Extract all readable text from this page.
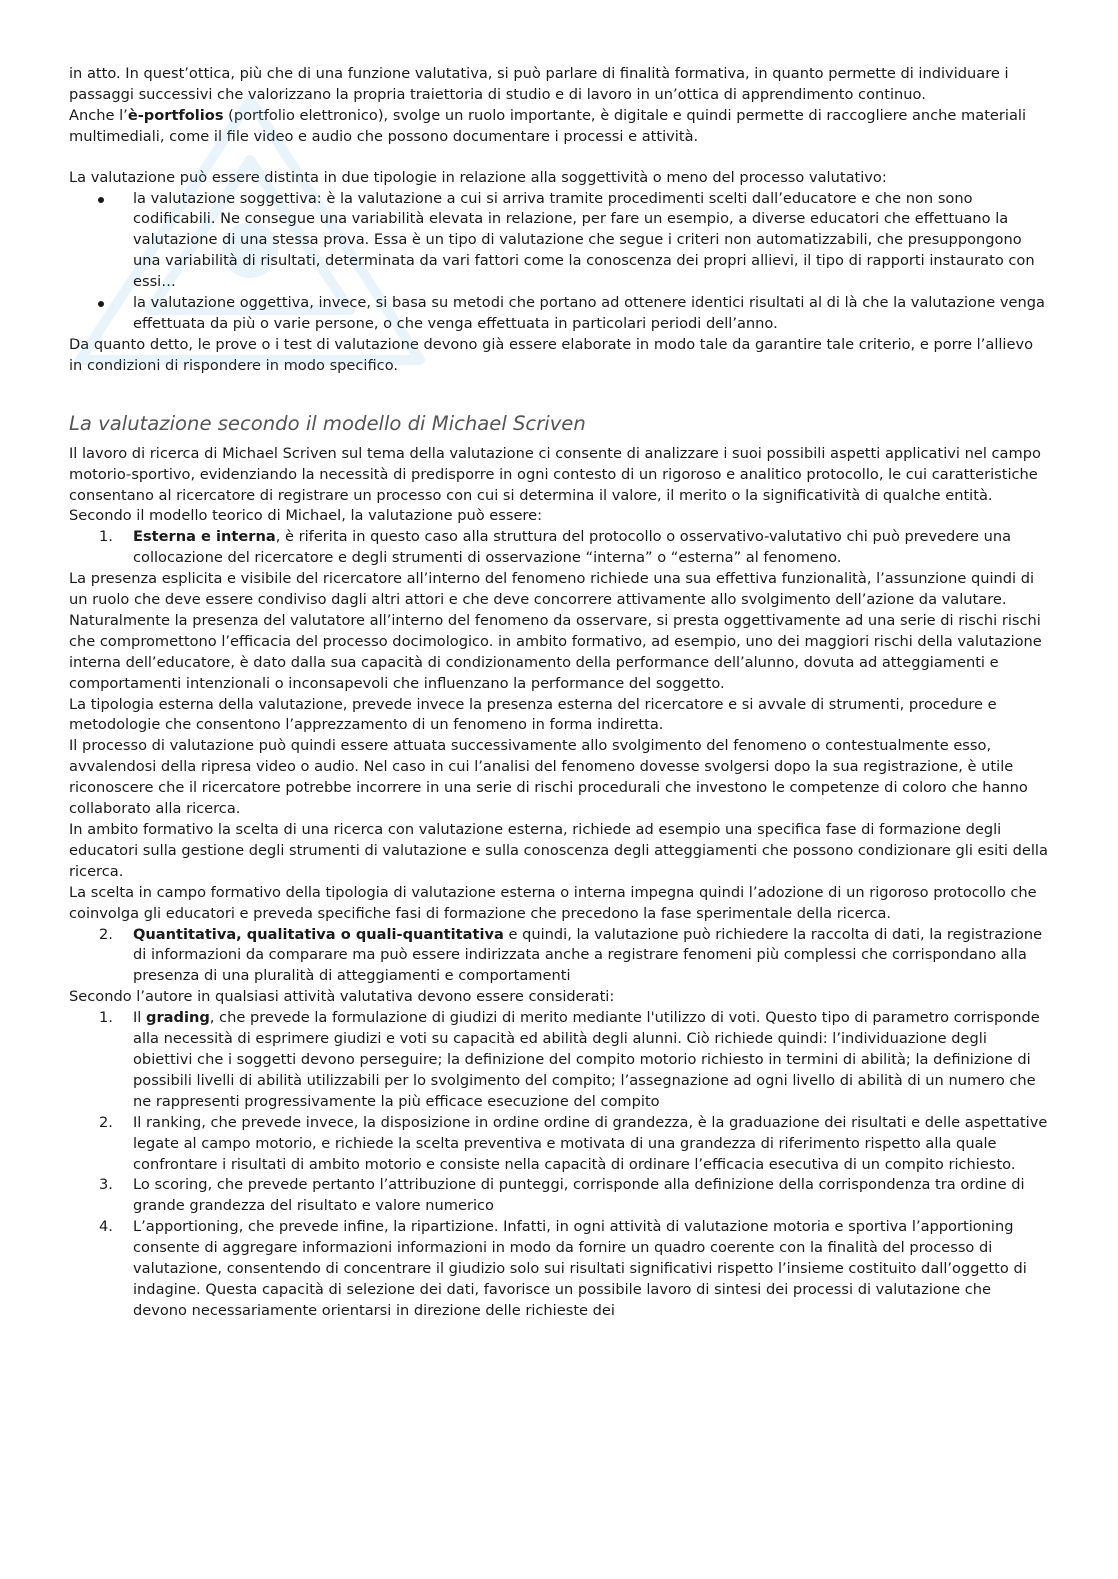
in atto. In quest’ottica, più che di una funzione valutativa, si può parlare di finalità formativa, in quanto permette di individuare i passaggi successivi che valorizzano la propria traiettoria di studio e di lavoro in un’ottica di apprendimento continuo.

Anche l’è-portfolios (portfolio elettronico), svolge un ruolo importante, è digitale e quindi permette di raccogliere anche materiali multimediali, come il file video e audio che possono documentare i processi e attività.

La valutazione può essere distinta in due tipologie in relazione alla soggettività o meno del processo valutativo:

la valutazione soggettiva: è la valutazione a cui si arriva tramite procedimenti scelti dall’educatore e che non sono codificabili. Ne consegue una variabilità elevata in relazione, per fare un esempio, a diverse educatori che effettuano la valutazione di una stessa prova. Essa è un tipo di valutazione che segue i criteri non automatizzabili, che presuppongono una variabilità di risultati, determinata da vari fattori come la conoscenza dei propri allievi, il tipo di rapporti instaurato con essi…
la valutazione oggettiva, invece, si basa su metodi che portano ad ottenere identici risultati al di là che la valutazione venga effettuata da più o varie persone, o che venga effettuata in particolari periodi dell’anno.

Da quanto detto, le prove o i test di valutazione devono già essere elaborate in modo tale da garantire tale criterio, e porre l’allievo in condizioni di rispondere in modo specifico.

La valutazione secondo il modello di Michael Scriven

Il lavoro di ricerca di Michael Scriven sul tema della valutazione ci consente di analizzare i suoi possibili aspetti applicativi nel campo motorio-sportivo, evidenziando la necessità di predisporre in ogni contesto di un rigoroso e analitico protocollo, le cui caratteristiche consentano al ricercatore di registrare un processo con cui si determina il valore, il merito o la significatività di qualche entità.

Secondo il modello teorico di Michael, la valutazione può essere:

1. Esterna e interna, è riferita in questo caso alla struttura del protocollo o osservativo-valutativo chi può prevedere una collocazione del ricercatore e degli strumenti di osservazione “interna” o “esterna” al fenomeno.

La presenza esplicita e visibile del ricercatore all’interno del fenomeno richiede una sua effettiva funzionalità, l’assunzione quindi di un ruolo che deve essere condiviso dagli altri attori e che deve concorrere attivamente allo svolgimento dell’azione da valutare. Naturalmente la presenza del valutatore all’interno del fenomeno da osservare, si presta oggettivamente ad una serie di rischi rischi che compromettono l’efficacia del processo docimologico. in ambito formativo, ad esempio, uno dei maggiori rischi della valutazione interna dell’educatore, è dato dalla sua capacità di condizionamento della performance dell’alunno, dovuta ad atteggiamenti e comportamenti intenzionali o inconsapevoli che influenzano la performance del soggetto.

La tipologia esterna della valutazione, prevede invece la presenza esterna del ricercatore e si avvale di strumenti, procedure e metodologie che consentono l’apprezzamento di un fenomeno in forma indiretta.

Il processo di valutazione può quindi essere attuata successivamente allo svolgimento del fenomeno o contestualmente esso, avvalendosi della ripresa video o audio. Nel caso in cui l’analisi del fenomeno dovesse svolgersi dopo la sua registrazione, è utile riconoscere che il ricercatore potrebbe incorrere in una serie di rischi procedurali che investono le competenze di coloro che hanno collaborato alla ricerca.

In ambito formativo la scelta di una ricerca con valutazione esterna, richiede ad esempio una specifica fase di formazione degli educatori sulla gestione degli strumenti di valutazione e sulla conoscenza degli atteggiamenti che possono condizionare gli esiti della ricerca.

La scelta in campo formativo della tipologia di valutazione esterna o interna impegna quindi l’adozione di un rigoroso protocollo che coinvolga gli educatori e preveda specifiche fasi di formazione che precedono la fase sperimentale della ricerca.

2. Quantitativa, qualitativa o quali-quantitativa e quindi, la valutazione può richiedere la raccolta di dati, la registrazione di informazioni da comparare ma può essere indirizzata anche a registrare fenomeni più complessi che corrispondano alla presenza di una pluralità di atteggiamenti e comportamenti

Secondo l’autore in qualsiasi attività valutativa devono essere considerati:

1. Il grading, che prevede la formulazione di giudizi di merito mediante l'utilizzo di voti. Questo tipo di parametro corrisponde alla necessità di esprimere giudizi e voti su capacità ed abilità degli alunni. Ciò richiede quindi: l’individuazione degli obiettivi che i soggetti devono perseguire; la definizione del compito motorio richiesto in termini di abilità; la definizione di possibili livelli di abilità utilizzabili per lo svolgimento del compito; l’assegnazione ad ogni livello di abilità di un numero che ne rappresenti progressivamente la più efficace esecuzione del compito
2. Il ranking, che prevede invece, la disposizione in ordine ordine di grandezza, è la graduazione dei risultati e delle aspettative legate al campo motorio, e richiede la scelta preventiva e motivata di una grandezza di riferimento rispetto alla quale confrontare i risultati di ambito motorio e consiste nella capacità di ordinare l’efficacia esecutiva di un compito richiesto.
3. Lo scoring, che prevede pertanto l’attribuzione di punteggi, corrisponde alla definizione della corrispondenza tra ordine di grande grandezza del risultato e valore numerico
4. L’apportioning, che prevede infine, la ripartizione. Infatti, in ogni attività di valutazione motoria e sportiva l’apportioning consente di aggregare informazioni informazioni in modo da fornire un quadro coerente con la finalità del processo di valutazione, consentendo di concentrare il giudizio solo sui risultati significativi rispetto l’insieme costituito dall’oggetto di indagine. Questa capacità di selezione dei dati, favorisce un possibile lavoro di sintesi dei processi di valutazione che devono necessariamente orientarsi in direzione delle richieste dei
